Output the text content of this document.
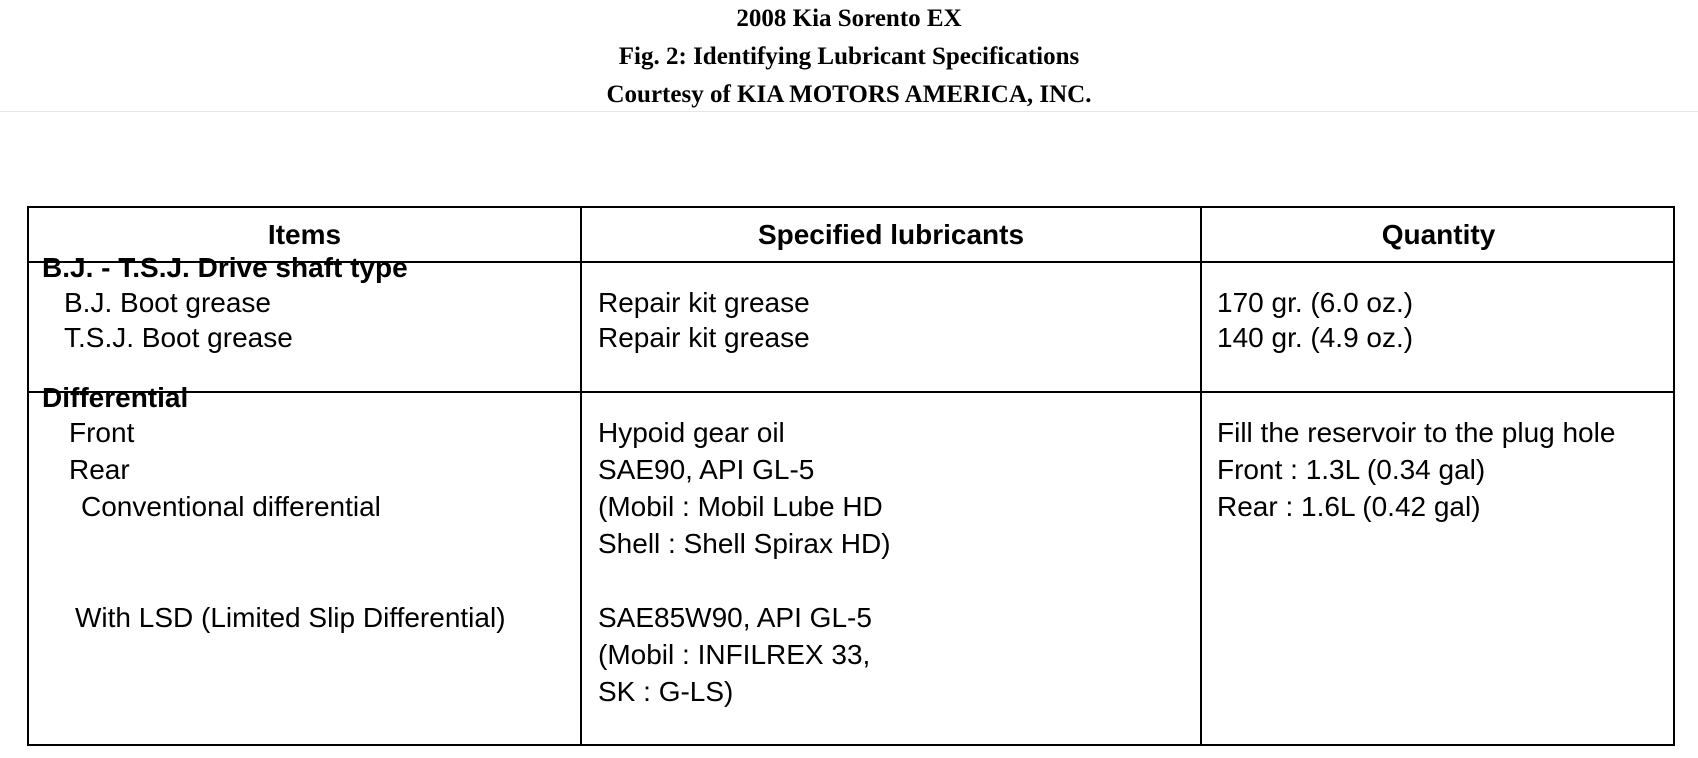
2008 Kia Sorento EX
Fig. 2: Identifying Lubricant Specifications
Courtesy of KIA MOTORS AMERICA, INC.
Items	Specified lubricants	Quantity
B.J. - T.S.J. Drive shaft type
B.J. Boot grease
T.S.J. Boot grease
Repair kit grease
Repair kit grease
170 gr. (6.0 oz.)
140 gr. (4.9 oz.)
Differential
Front
Rear
Conventional differential
With LSD (Limited Slip Differential)
Hypoid gear oil
SAE90, API GL-5
(Mobil : Mobil Lube HD
Shell : Shell Spirax HD)
SAE85W90, API GL-5
(Mobil : INFILREX 33,
SK : G-LS)
Fill the reservoir to the plug hole
Front : 1.3L (0.34 gal)
Rear : 1.6L (0.42 gal)
